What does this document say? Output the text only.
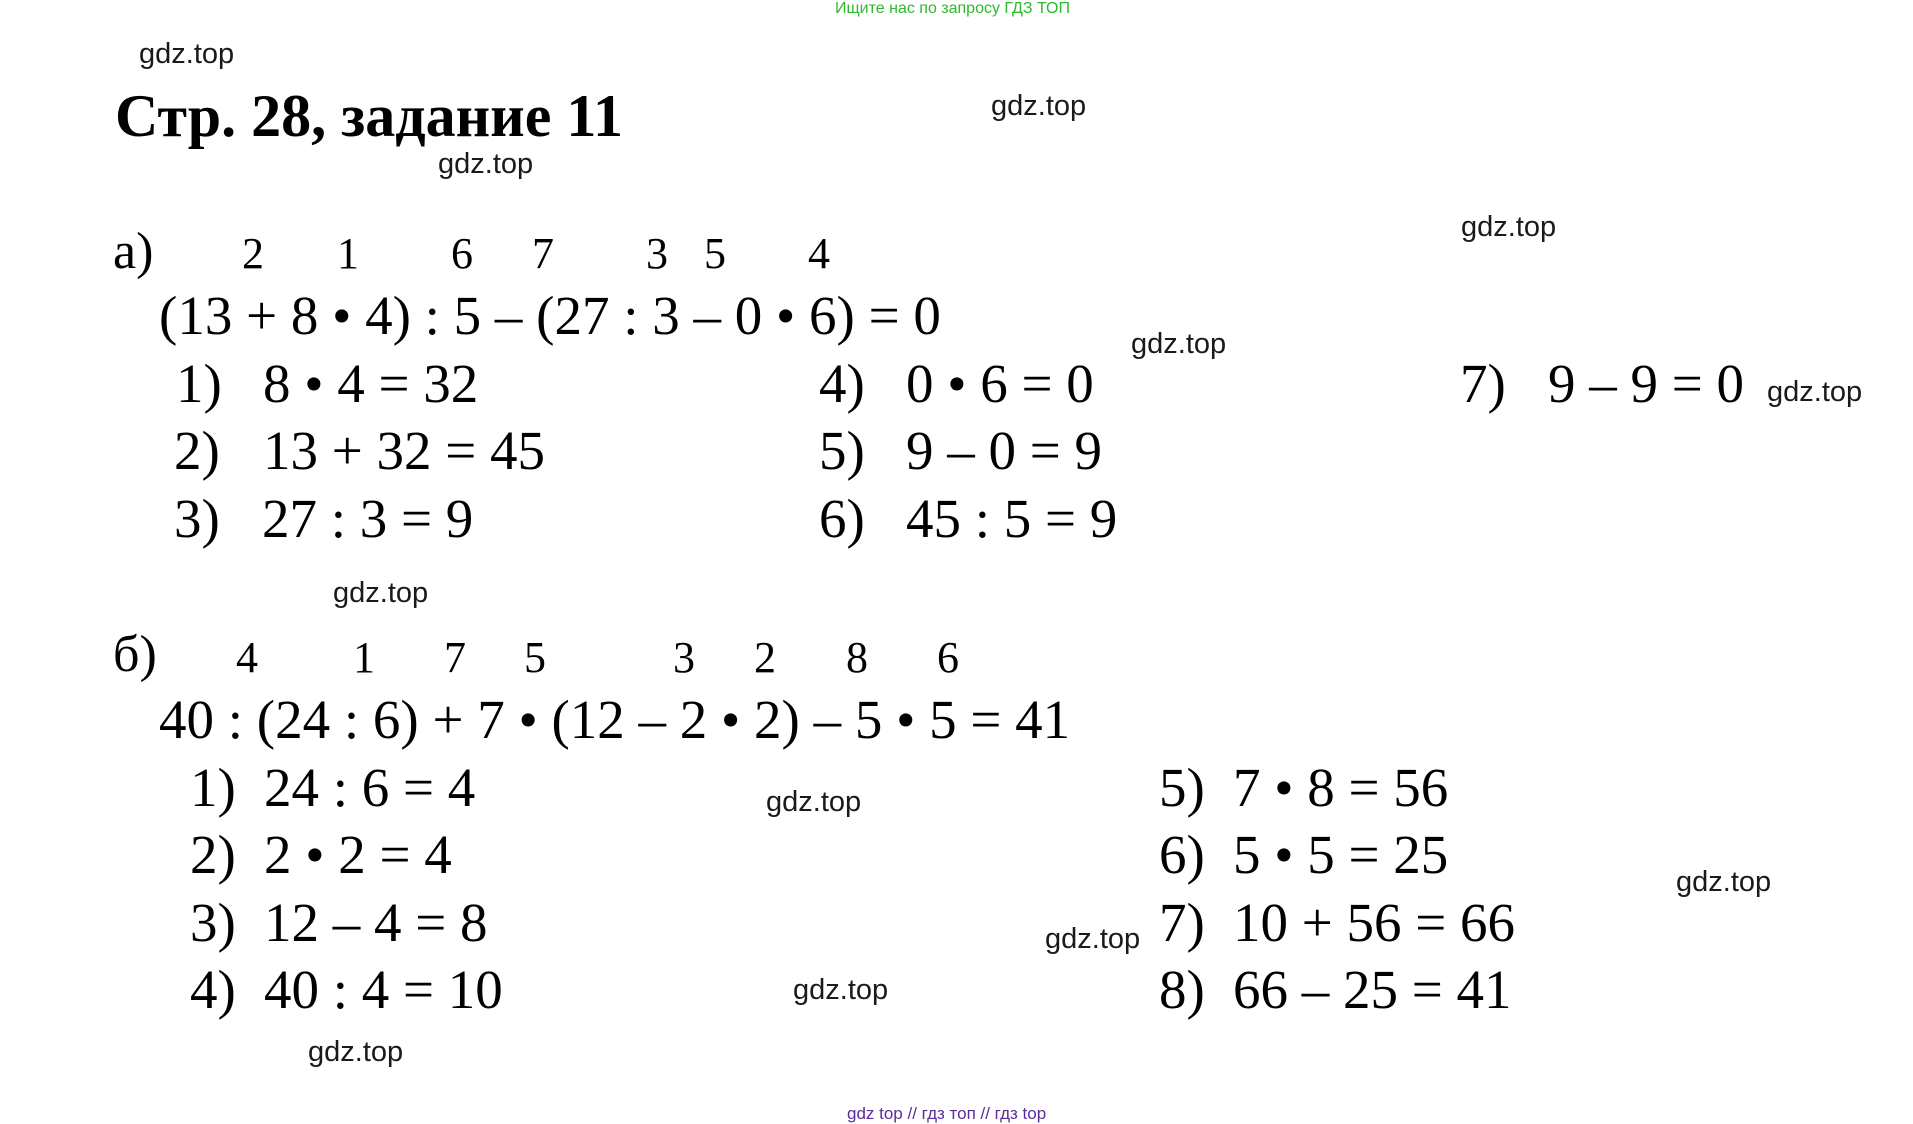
Ищите нас по запросу ГДЗ ТОП
Стр. 28, задание 11
gdz.top
gdz.top
gdz.top
gdz.top
gdz.top
gdz.top
gdz.top
gdz.top
gdz.top
gdz.top
gdz.top
gdz.top
а) 2 1 6 7 3 5 4
(13 + 8 • 4) : 5 – (27 : 3 – 0 • 6) = 0
1) 8 • 4 = 32
2) 13 + 32 = 45
3) 27 : 3 = 9
4) 0 • 6 = 0
5) 9 – 0 = 9
6) 45 : 5 = 9
7) 9 – 9 = 0
б) 4 1 7 5	3 2 8 6
40 : (24 : 6) + 7 • (12 – 2 • 2) – 5 • 5 = 41
1) 24 : 6 = 4
2) 2 • 2 = 4
3) 12 – 4 = 8
4) 40 : 4 = 10
5) 7 • 8 = 56
6) 5 • 5 = 25
7) 10 + 56 = 66
8) 66 – 25 = 41
gdz top // гдз топ // гдз top
